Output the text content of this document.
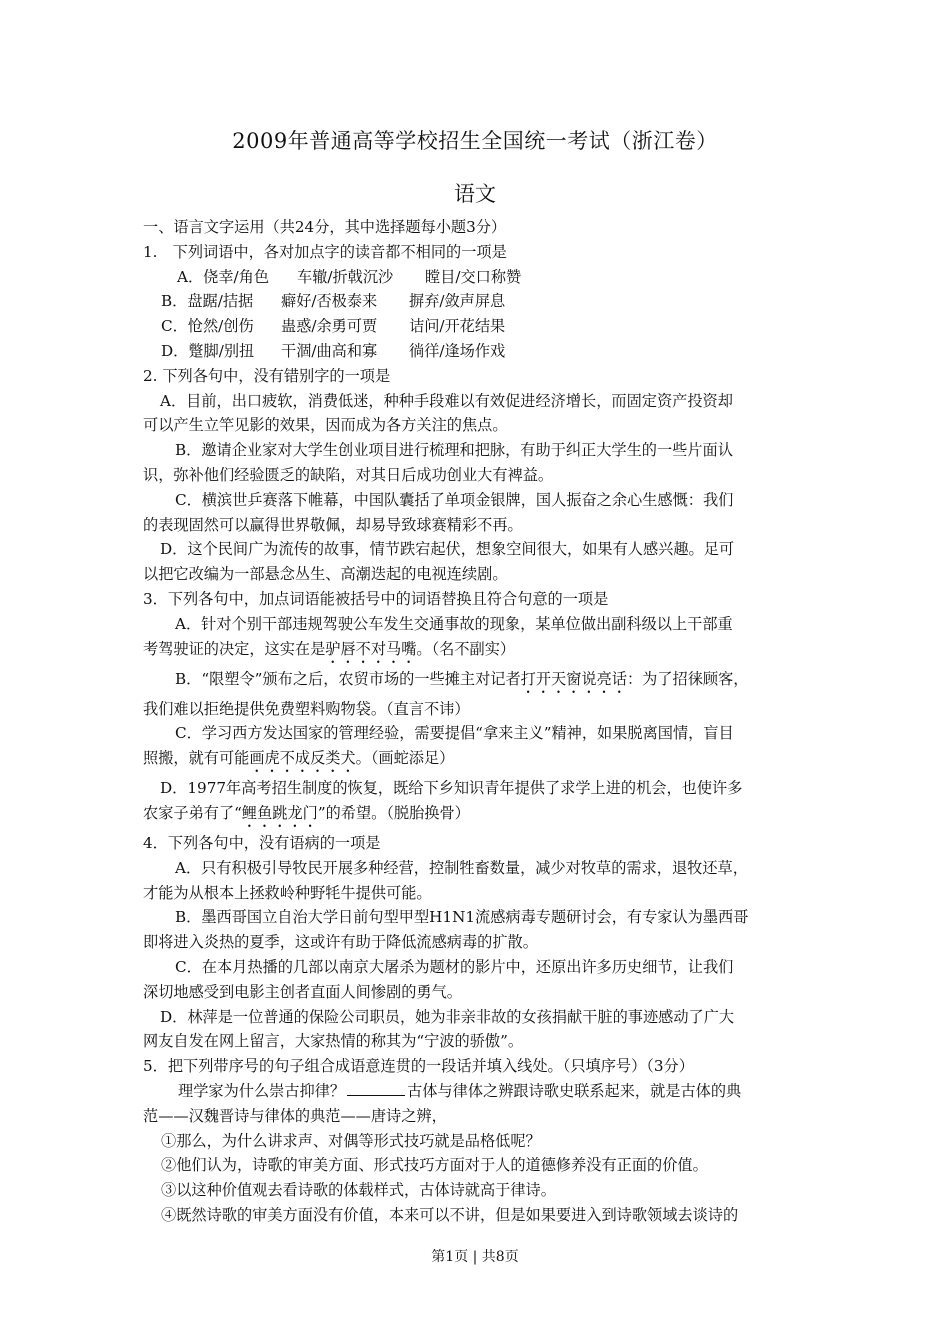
2009年普通高等学校招生全国统一考试（浙江卷）
语文

一、语言文字运用（共24分，其中选择题每小题3分）

1.　下列词语中，各对加点字的读音都不相同的一项是

A．侥幸/角色 车辙/折戟沉沙 瞠目/交口称赞

B．盘踞/拮据 癖好/否极泰来 摒弃/敛声屏息

C．怆然/创伤 蛊惑/余勇可贾 诘问/开花结果

D．蹩脚/别扭 干涸/曲高和寡 徜徉/逢场作戏

2. 下列各句中，没有错别字的一项是

A．目前，出口疲软，消费低迷，种种手段难以有效促进经济增长，而固定资产投资却

可以产生立竿见影的效果，因而成为各方关注的焦点。

B．邀请企业家对大学生创业项目进行梳理和把脉，有助于纠正大学生的一些片面认

识，弥补他们经验匮乏的缺陷，对其日后成功创业大有裨益。

C．横滨世乒赛落下帷幕，中国队囊括了单项金银牌，国人振奋之余心生感慨：我们

的表现固然可以赢得世界敬佩，却易导致球赛精彩不再。

D．这个民间广为流传的故事，情节跌宕起伏，想象空间很大，如果有人感兴趣。足可

以把它改编为一部悬念丛生、高潮迭起的电视连续剧。

3．下列各句中，加点词语能被括号中的词语替换且符合句意的一项是

A．针对个别干部违规驾驶公车发生交通事故的现象，某单位做出副科级以上干部重

考驾驶证的决定，这实在是驴唇不对马嘴。（名不副实）

B．“限塑令”颁布之后，农贸市场的一些摊主对记者打开天窗说亮话：为了招徕顾客，

我们难以拒绝提供免费塑料购物袋。（直言不讳）

C．学习西方发达国家的管理经验，需要提倡“拿来主义”精神，如果脱离国情，盲目

照搬，就有可能画虎不成反类犬。（画蛇添足）

D．1977年高考招生制度的恢复，既给下乡知识青年提供了求学上进的机会，也使许多

农家子弟有了“鲤鱼跳龙门”的希望。（脱胎换骨）

4．下列各句中，没有语病的一项是

A．只有积极引导牧民开展多种经营，控制牲畜数量，减少对牧草的需求，退牧还草，

才能为从根本上拯救岭种野牦牛提供可能。

B．墨西哥国立自治大学日前句型甲型H1N1流感病毒专题研讨会，有专家认为墨西哥

即将进入炎热的夏季，这或许有助于降低流感病毒的扩散。

C．在本月热播的几部以南京大屠杀为题材的影片中，还原出许多历史细节，让我们

深切地感受到电影主创者直面人间惨剧的勇气。

D．林萍是一位普通的保险公司职员，她为非亲非故的女孩捐献干脏的事迹感动了广大

网友自发在网上留言，大家热情的称其为“宁波的骄傲”。

5．把下列带序号的句子组合成语意连贯的一段话并填入线处。（只填序号）（3分）

理学家为什么崇古抑律？	古体与律体之辨跟诗歌史联系起来，就是古体的典

范——汉魏晋诗与律体的典范——唐诗之辨，

①那么，为什么讲求声、对偶等形式技巧就是品格低呢？

②他们认为，诗歌的审美方面、形式技巧方面对于人的道德修养没有正面的价值。

③以这种价值观去看诗歌的体载样式，古体诗就高于律诗。

④既然诗歌的审美方面没有价值，本来可以不讲，但是如果要进入到诗歌领域去谈诗的

第1页 | 共8页
